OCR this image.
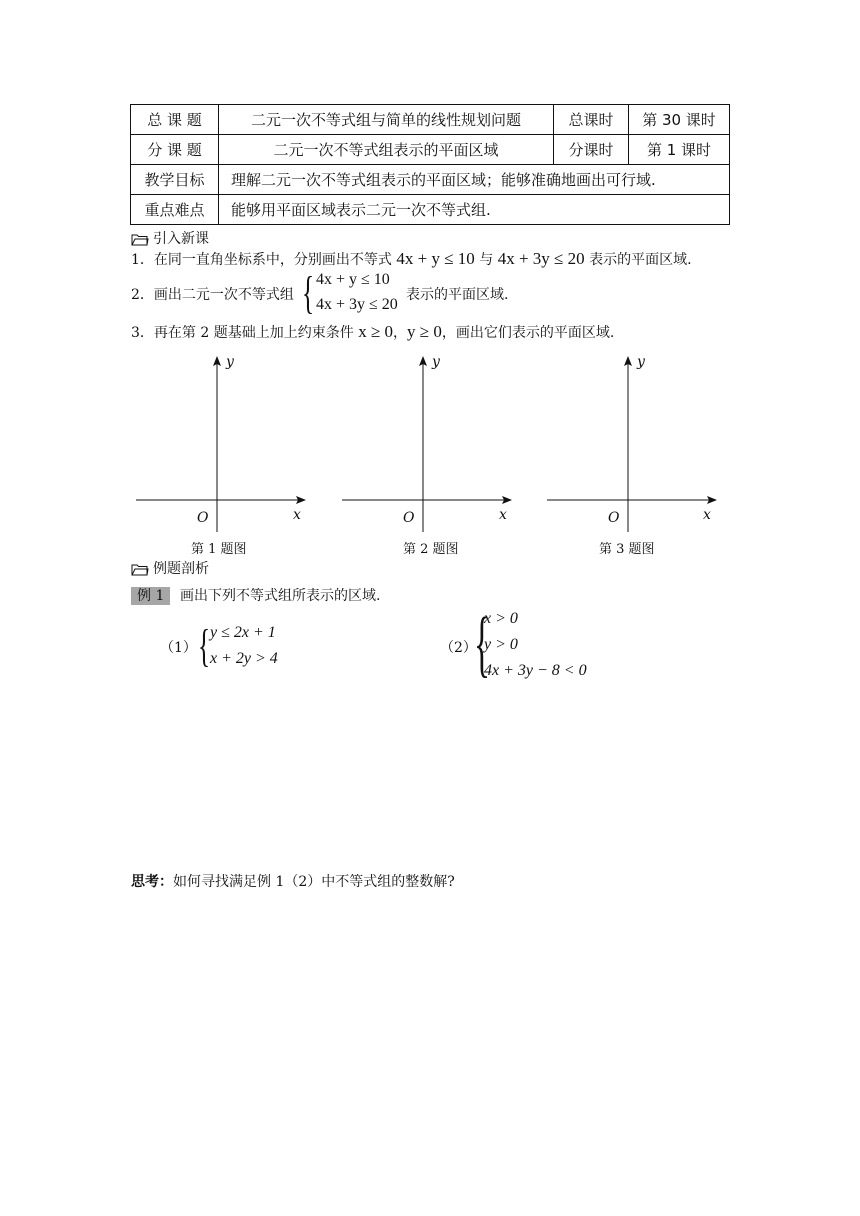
总 课 题	二元一次不等式组与简单的线性规划问题	总课时	第 30 课时
分 课 题	二元一次不等式组表示的平面区域	分课时	第 1 课时
教学目标	理解二元一次不等式组表示的平面区域；能够准确地画出可行域.		
重点难点	能够用平面区域表示二元一次不等式组.		
引入新课
1．在同一直角坐标系中，分别画出不等式 4x + y ≤ 10 与 4x + 3y ≤ 20 表示的平面区域.
2．画出二元一次不等式组 { 4x + y ≤ 10
4x + 3y ≤ 20
表示的平面区域.
3．再在第 2 题基础上加上约束条件 x ≥ 0，y ≥ 0，画出它们表示的平面区域.
y
x
O
第 1 题图
y
x
O
第 2 题图
y
x
O
第 3 题图
例题剖析
例 1	画出下列不等式组所表示的区域.
（1） { y ≤ 2x + 1
x + 2y > 4
（2）
{
x > 0
y > 0
4x + 3y − 8 < 0
思考：如何寻找满足例 1（2）中不等式组的整数解?
